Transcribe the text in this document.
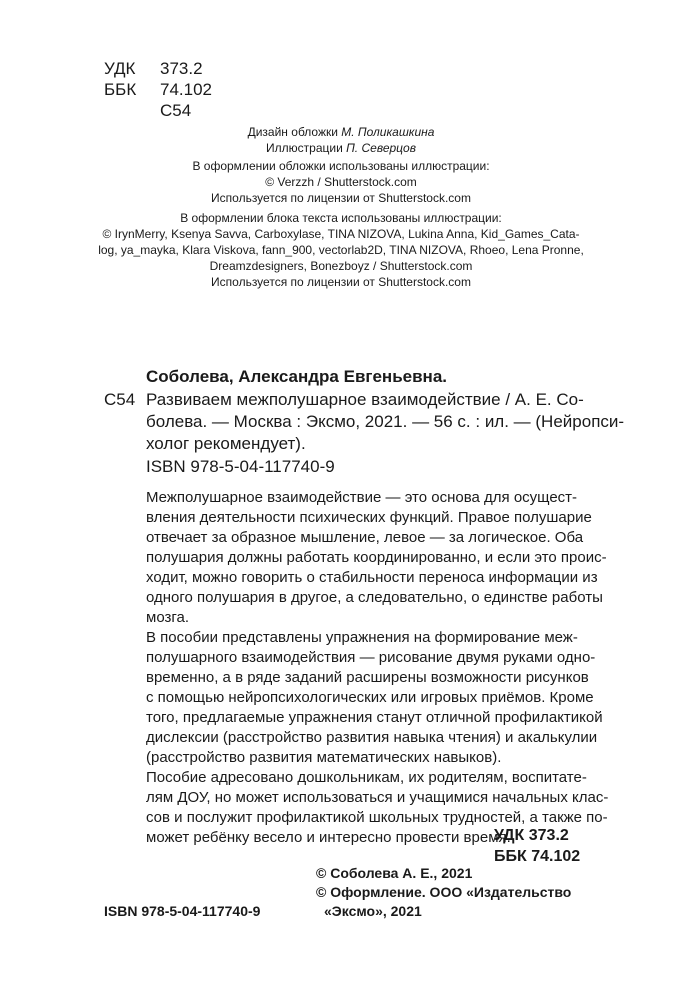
УДК	373.2
ББК	74.102
С54
Дизайн обложки М. Поликашкина
Иллюстрации П. Северцов
В оформлении обложки использованы иллюстрации:
© Verzzh / Shutterstock.com
Используется по лицензии от Shutterstock.com
В оформлении блока текста использованы иллюстрации:
© IrynMerry, Ksenya Savva, Carboxylase, TINA NIZOVA, Lukina Anna, Kid_Games_Cata-
log, ya_mayka, Klara Viskova, fann_900, vectorlab2D, TINA NIZOVA, Rhoeo, Lena Pronne,
Dreamzdesigners, Bonezboyz / Shutterstock.com
Используется по лицензии от Shutterstock.com
Соболева, Александра Евгеньевна.
С54 Развиваем межполушарное взаимодействие / А. Е. Со-
болева. — Москва : Эксмо, 2021. — 56 с. : ил. — (Нейропси-
холог рекомендует).
ISBN 978-5-04-117740-9
Межполушарное взаимодействие — это основа для осущест-
вления деятельности психических функций. Правое полушарие
отвечает за образное мышление, левое — за логическое. Оба
полушария должны работать координированно, и если это проис-
ходит, можно говорить о стабильности переноса информации из
одного полушария в другое, а следовательно, о единстве работы
мозга.
В пособии представлены упражнения на формирование меж-
полушарного взаимодействия — рисование двумя руками одно-
временно, а в ряде заданий расширены возможности рисунков
с помощью нейропсихологических или игровых приёмов. Кроме
того, предлагаемые упражнения станут отличной профилактикой
дислексии (расстройство развития навыка чтения) и акалькулии
(расстройство развития математических навыков).
Пособие адресовано дошкольникам, их родителям, воспитате-
лям ДОУ, но может использоваться и учащимися начальных клас-
сов и послужит профилактикой школьных трудностей, а также по-
может ребёнку весело и интересно провести время.
УДК 373.2
ББК 74.102
© Соболева А. Е., 2021
© Оформление. ООО «Издательство
«Эксмо», 2021
ISBN 978-5-04-117740-9
